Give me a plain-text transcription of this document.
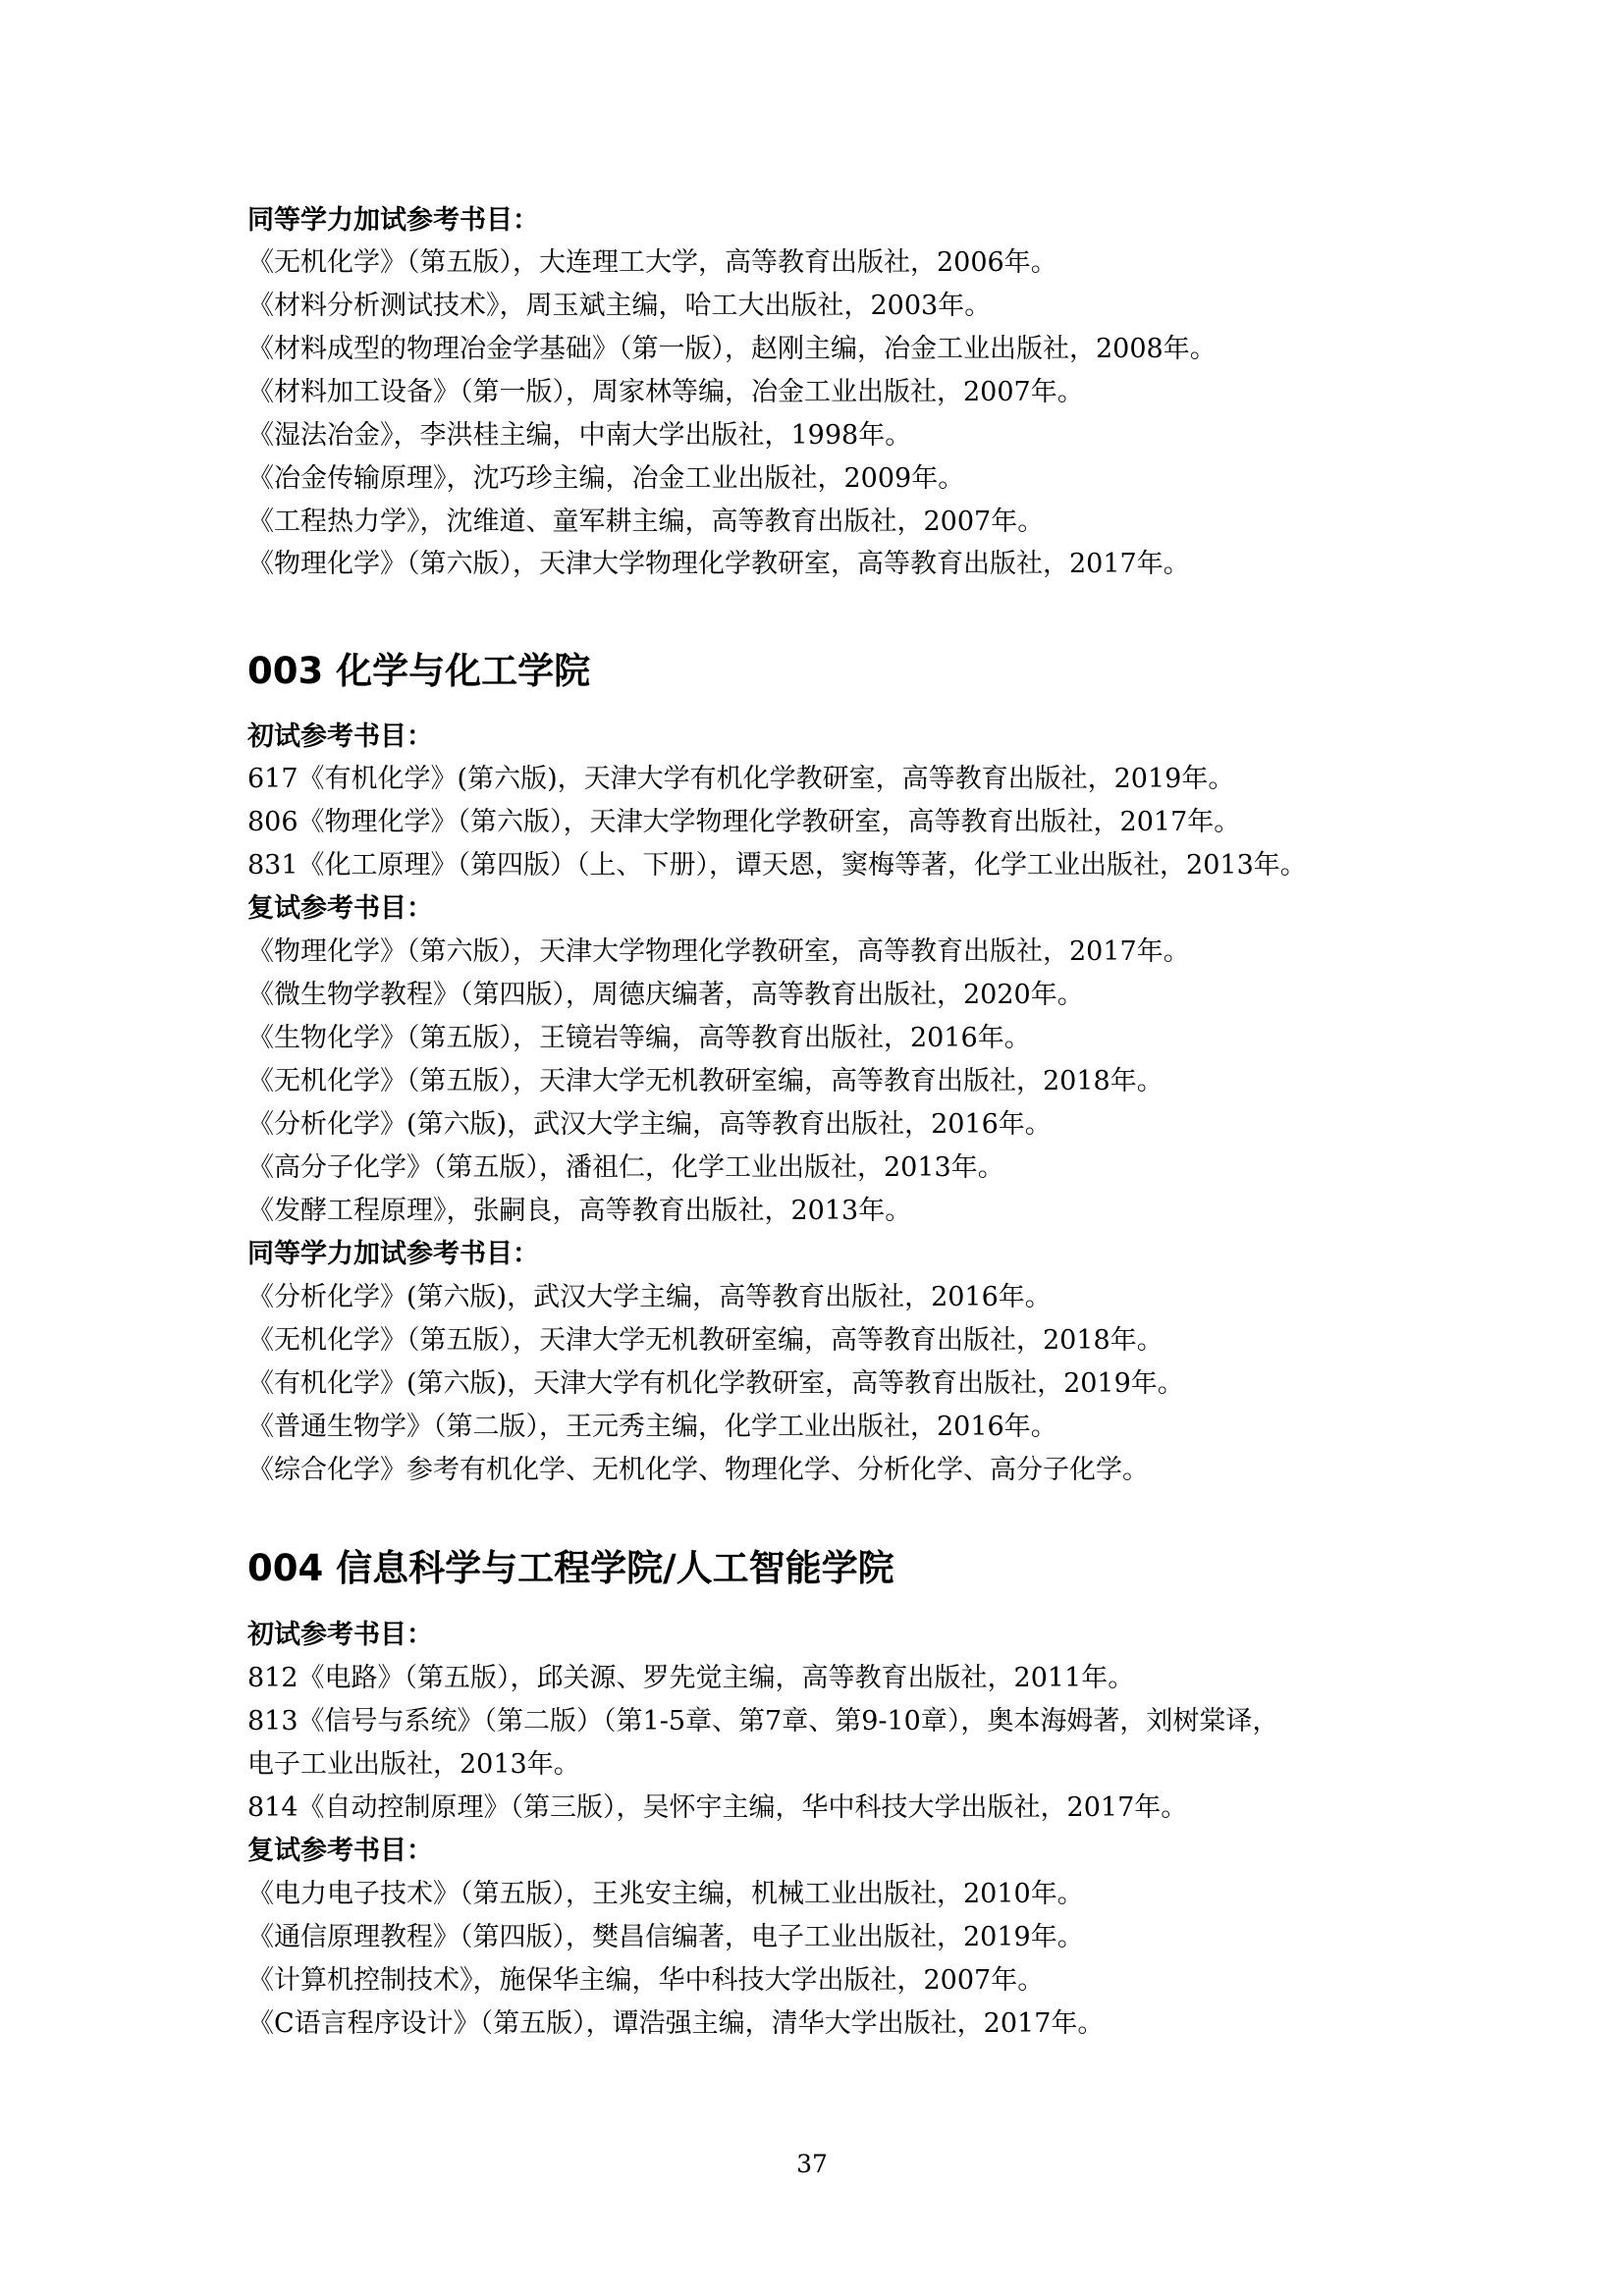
同等学力加试参考书目：
《无机化学》（第五版），大连理工大学，高等教育出版社，2006年。
《材料分析测试技术》，周玉斌主编，哈工大出版社，2003年。
《材料成型的物理冶金学基础》（第一版），赵刚主编，冶金工业出版社，2008年。
《材料加工设备》（第一版），周家林等编，冶金工业出版社，2007年。
《湿法冶金》，李洪桂主编，中南大学出版社，1998年。
《冶金传输原理》，沈巧珍主编，冶金工业出版社，2009年。
《工程热力学》，沈维道、童军耕主编，高等教育出版社，2007年。
《物理化学》（第六版），天津大学物理化学教研室，高等教育出版社，2017年。
003 化学与化工学院
初试参考书目：
617《有机化学》(第六版)，天津大学有机化学教研室，高等教育出版社，2019年。
806《物理化学》（第六版），天津大学物理化学教研室，高等教育出版社，2017年。
831《化工原理》（第四版）（上、下册），谭天恩，窦梅等著，化学工业出版社，2013年。
复试参考书目：
《物理化学》（第六版），天津大学物理化学教研室，高等教育出版社，2017年。
《微生物学教程》（第四版），周德庆编著，高等教育出版社，2020年。
《生物化学》（第五版），王镜岩等编，高等教育出版社，2016年。
《无机化学》（第五版），天津大学无机教研室编，高等教育出版社，2018年。
《分析化学》(第六版)，武汉大学主编，高等教育出版社，2016年。
《高分子化学》（第五版），潘祖仁，化学工业出版社，2013年。
《发酵工程原理》，张嗣良，高等教育出版社，2013年。
同等学力加试参考书目：
《分析化学》(第六版)，武汉大学主编，高等教育出版社，2016年。
《无机化学》（第五版），天津大学无机教研室编，高等教育出版社，2018年。
《有机化学》(第六版)，天津大学有机化学教研室，高等教育出版社，2019年。
《普通生物学》（第二版），王元秀主编，化学工业出版社，2016年。
《综合化学》参考有机化学、无机化学、物理化学、分析化学、高分子化学。
004 信息科学与工程学院/人工智能学院
初试参考书目：
812《电路》（第五版），邱关源、罗先觉主编，高等教育出版社，2011年。
813《信号与系统》（第二版）（第1-5章、第7章、第9-10章），奥本海姆著，刘树棠译，
电子工业出版社，2013年。
814《自动控制原理》（第三版），吴怀宇主编，华中科技大学出版社，2017年。
复试参考书目：
《电力电子技术》（第五版），王兆安主编，机械工业出版社，2010年。
《通信原理教程》（第四版），樊昌信编著，电子工业出版社，2019年。
《计算机控制技术》，施保华主编，华中科技大学出版社，2007年。
《C语言程序设计》（第五版），谭浩强主编，清华大学出版社，2017年。
37
